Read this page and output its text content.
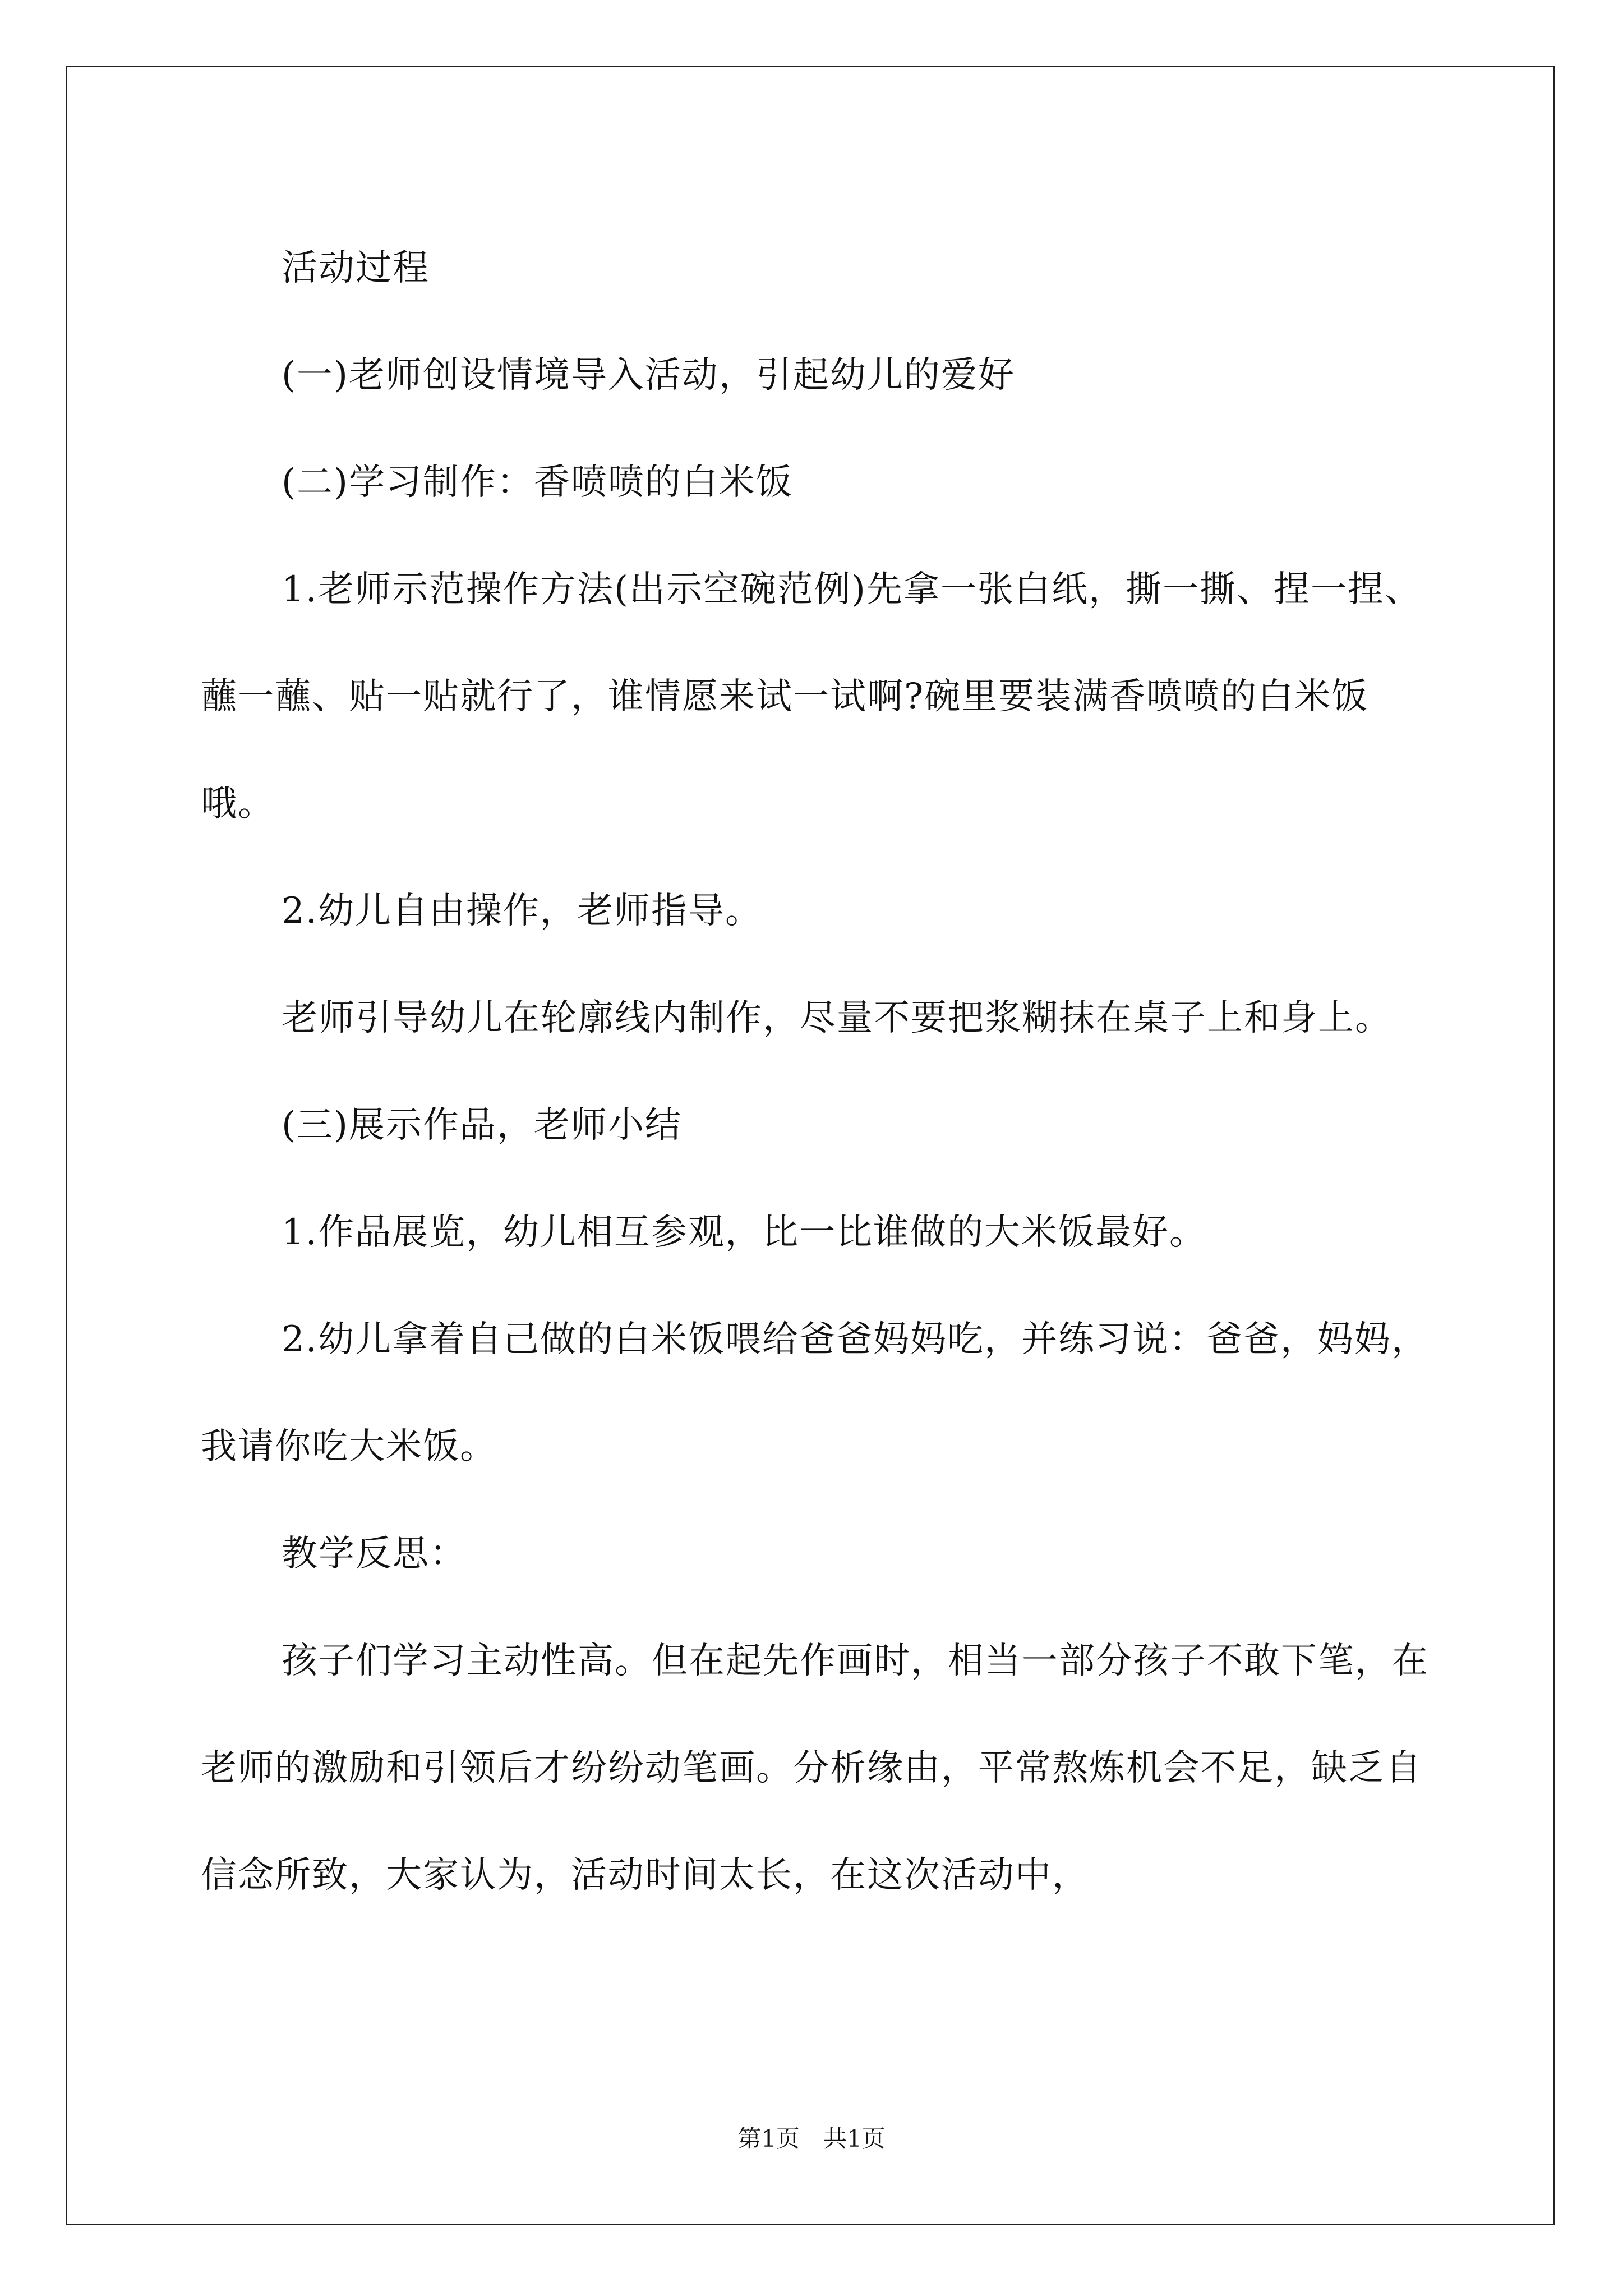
活动过程

(一)老师创设情境导入活动，引起幼儿的爱好

(二)学习制作：香喷喷的白米饭

1.老师示范操作方法(出示空碗范例)先拿一张白纸，撕一撕、捏一捏、蘸一蘸、贴一贴就行了，谁情愿来试一试啊?碗里要装满香喷喷的白米饭哦。

2.幼儿自由操作，老师指导。

老师引导幼儿在轮廓线内制作，尽量不要把浆糊抹在桌子上和身上。

(三)展示作品，老师小结

1.作品展览，幼儿相互参观，比一比谁做的大米饭最好。

2.幼儿拿着自己做的白米饭喂给爸爸妈妈吃，并练习说：爸爸，妈妈，我请你吃大米饭。

教学反思：

孩子们学习主动性高。但在起先作画时，相当一部分孩子不敢下笔，在老师的激励和引领后才纷纷动笔画。分析缘由，平常熬炼机会不足，缺乏自信念所致，大家认为，活动时间太长，在这次活动中，

第1页　共1页
